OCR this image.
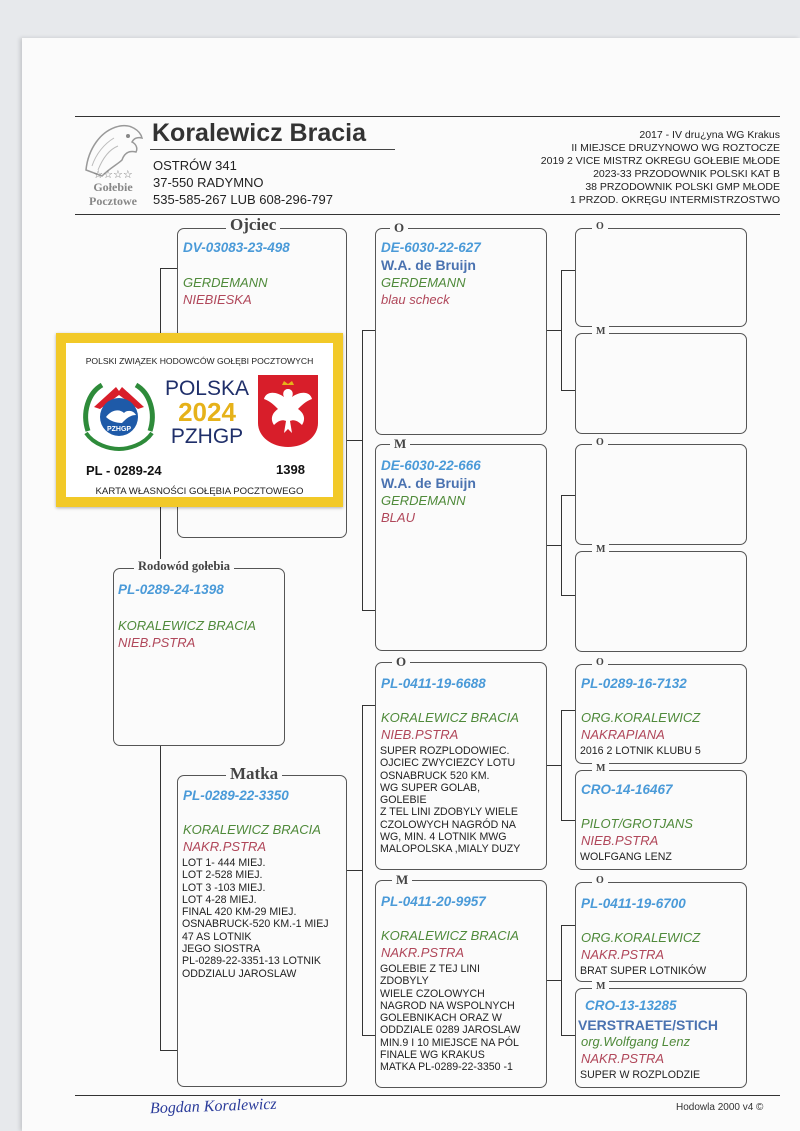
☆☆☆☆
Gołebie
Pocztowe
Koralewicz Bracia
OSTRÓW 341
37-550 RADYMNO
535-585-267 LUB 608-296-797
2017 - IV dru¿yna WG Krakus
II MIEJSCE DRUZYNOWO WG ROZTOCZE
2019 2 VICE MISTRZ OKREGU GOŁEBIE MŁODE
2023-33 PRZODOWNIK POLSKI KAT B
38 PRZODOWNIK POLSKI GMP MŁODE
1 PRZOD. OKRĘGU INTERMISTRZOSTWO
Rodowód gołebia
PL-0289-24-1398
KORALEWICZ BRACIA
NIEB.PSTRA
Ojciec
DV-03083-23-498
GERDEMANN
NIEBIESKA
Matka
PL-0289-22-3350
KORALEWICZ BRACIA
NAKR.PSTRA
LOT 1- 444 MIEJ.
LOT 2-528 MIEJ.
LOT 3 -103 MIEJ.
LOT 4-28 MIEJ.
FINAL 420 KM-29 MIEJ.
OSNABRUCK-520 KM.-1 MIEJ
47 AS LOTNIK
JEGO SIOSTRA
PL-0289-22-3351-13 LOTNIK
ODDZIALU JAROSLAW
O
DE-6030-22-627
W.A. de Bruijn
GERDEMANN
blau scheck
M
DE-6030-22-666
W.A. de Bruijn
GERDEMANN
BLAU
O
PL-0411-19-6688
KORALEWICZ BRACIA
NIEB.PSTRA
SUPER ROZPLODOWIEC.
OJCIEC ZWYCIEZCY LOTU
OSNABRUCK 520 KM.
WG SUPER GOLAB,
GOLEBIE
Z TEL LINI ZDOBYLY WIELE
CZOLOWYCH NAGRÓD NA
WG, MIN. 4 LOTNIK MWG
MALOPOLSKA ,MIALY DUZY
M
PL-0411-20-9957
KORALEWICZ BRACIA
NAKR.PSTRA
GOLEBIE Z TEJ LINI
ZDOBYLY
WIELE CZOLOWYCH
NAGROD NA WSPOLNYCH
GOLEBNIKACH ORAZ W
ODDZIALE 0289 JAROSLAW
MIN.9 I 10 MIEJSCE NA PÓL
FINALE WG KRAKUS
MATKA PL-0289-22-3350 -1
O
M
O
M
O
PL-0289-16-7132
ORG.KORALEWICZ
NAKRAPIANA
2016 2 LOTNIK KLUBU 5
M
CRO-14-16467
PILOT/GROTJANS
NIEB.PSTRA
WOLFGANG LENZ
O
PL-0411-19-6700
ORG.KORALEWICZ
NAKR.PSTRA
BRAT SUPER LOTNIKÓW
M
CRO-13-13285
VERSTRAETE/STICH
org.Wolfgang Lenz
NAKR.PSTRA
SUPER W ROZPLODZIE
POLSKI ZWIĄZEK HODOWCÓW GOŁĘBI POCZTOWYCH
PZHGP
POLSKA
2024
PZHGP
PL - 0289-24	1398
KARTA WŁASNOŚCI GOŁĘBIA POCZTOWEGO
Bogdan Koralewicz	Hodowla 2000 v4 ©
